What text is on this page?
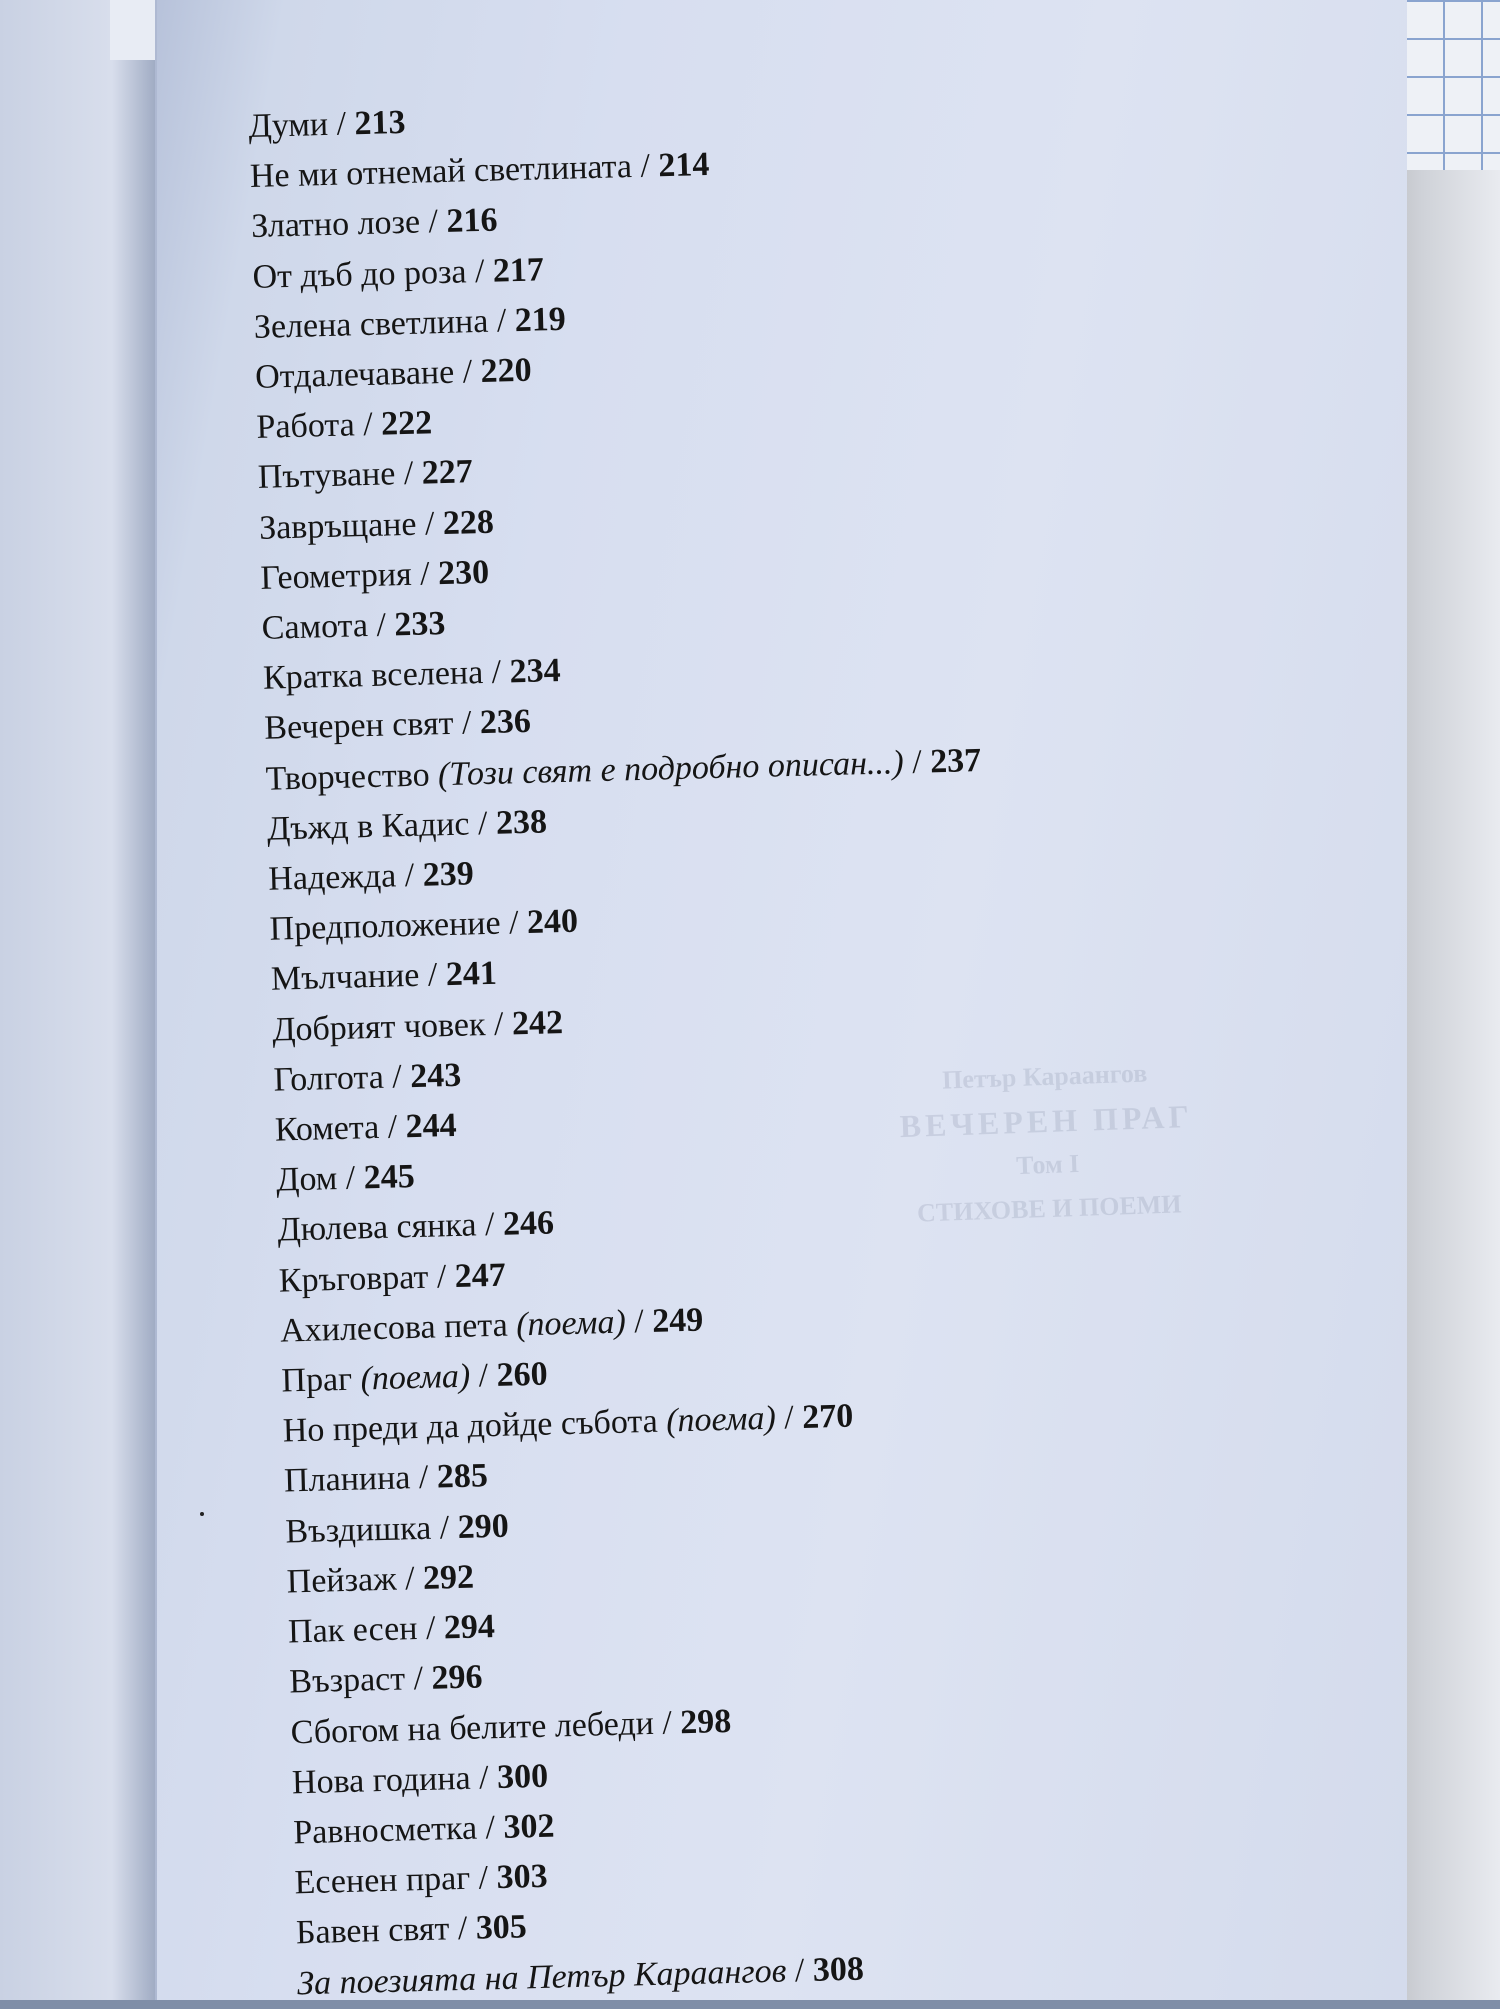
Петър Караангов
ВЕЧЕРЕН ПРАГ
Том I
СТИХОВЕ И ПОЕМИ
Думи / 213
Не ми отнемай светлината / 214
Златно лозе / 216
От дъб до роза / 217
Зелена светлина / 219
Отдалечаване / 220
Работа / 222
Пътуване / 227
Завръщане / 228
Геометрия / 230
Самота / 233
Кратка вселена / 234
Вечерен свят / 236
Творчество (Този свят е подробно описан...) / 237
Дъжд в Кадис / 238
Надежда / 239
Предположение / 240
Мълчание / 241
Добрият човек / 242
Голгота / 243
Комета / 244
Дом / 245
Дюлева сянка / 246
Кръговрат / 247
Ахилесова пета (поема) / 249
Праг (поема) / 260
Но преди да дойде събота (поема) / 270
Планина / 285
Въздишка / 290
Пейзаж / 292
Пак есен / 294
Възраст / 296
Сбогом на белите лебеди / 298
Нова година / 300
Равносметка / 302
Есенен праг / 303
Бавен свят / 305
За поезията на Петър Караангов / 308
